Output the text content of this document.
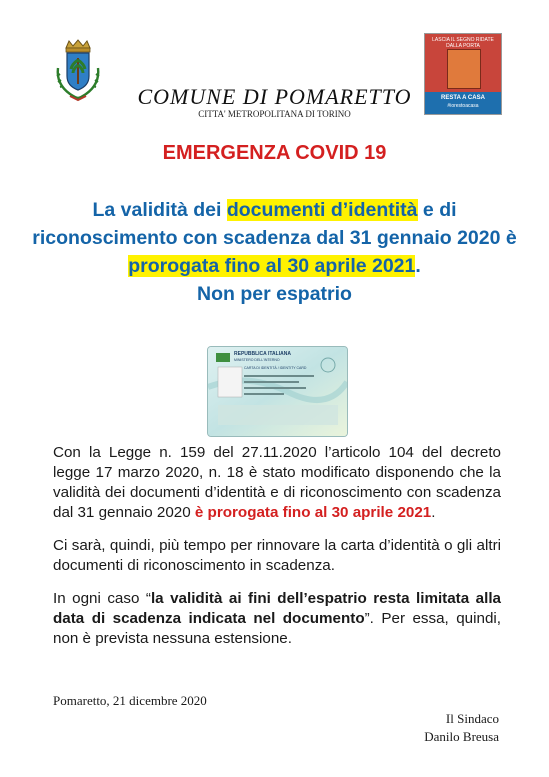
LASCIA IL SEGNO RIDATE DALLA PORTA
RESTA A CASA
#iorestoacasa
COMUNE DI POMARETTO
CITTA' METROPOLITANA DI TORINO
EMERGENZA COVID 19
La validità dei documenti d’identità e di riconoscimento con scadenza dal 31 gennaio 2020 è
prorogata fino al 30 aprile 2021.
Non per espatrio
REPUBBLICA ITALIANA
MINISTERO DELL'INTERNO
CARTA DI IDENTITÀ / IDENTITY CARD

Con la Legge n. 159 del 27.11.2020 l’articolo 104 del decreto legge 17 marzo 2020, n. 18 è stato modificato disponendo che la validità dei documenti d’identità e di riconoscimento con scadenza dal 31 gennaio 2020 è prorogata fino al 30 aprile 2021.

Ci sarà, quindi, più tempo per rinnovare la carta d’identità o gli altri documenti di riconoscimento in scadenza.

In ogni caso “la validità ai fini dell’espatrio resta limitata alla data di scadenza indicata nel documento”. Per essa, quindi, non è prevista nessuna estensione.

Pomaretto, 21 dicembre 2020
Il Sindaco
Danilo Breusa
